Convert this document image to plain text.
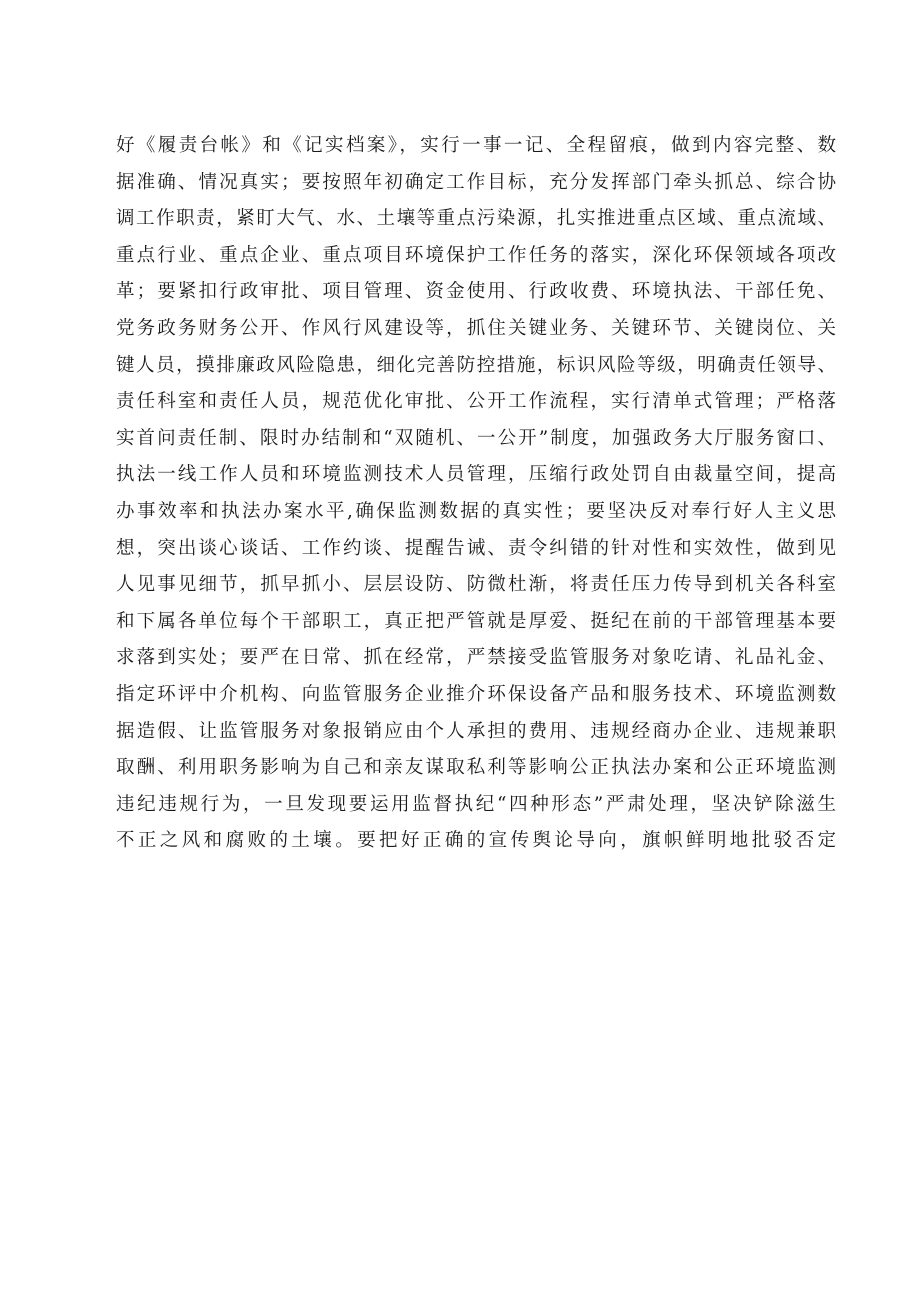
好《履责台帐》和《记实档案》，实行一事一记、全程留痕，做到内容完整、数
据准确、情况真实；要按照年初确定工作目标，充分发挥部门牵头抓总、综合协
调工作职责，紧盯大气、水、土壤等重点污染源，扎实推进重点区域、重点流域、
重点行业、重点企业、重点项目环境保护工作任务的落实，深化环保领域各项改
革；要紧扣行政审批、项目管理、资金使用、行政收费、环境执法、干部任免、
党务政务财务公开、作风行风建设等，抓住关键业务、关键环节、关键岗位、关
键人员，摸排廉政风险隐患，细化完善防控措施，标识风险等级，明确责任领导、
责任科室和责任人员，规范优化审批、公开工作流程，实行清单式管理；严格落
实首问责任制、限时办结制和“双随机、一公开”制度，加强政务大厅服务窗口、
执法一线工作人员和环境监测技术人员管理，压缩行政处罚自由裁量空间，提高
办事效率和执法办案水平,确保监测数据的真实性；要坚决反对奉行好人主义思
想，突出谈心谈话、工作约谈、提醒告诫、责令纠错的针对性和实效性，做到见
人见事见细节，抓早抓小、层层设防、防微杜渐，将责任压力传导到机关各科室
和下属各单位每个干部职工，真正把严管就是厚爱、挺纪在前的干部管理基本要
求落到实处；要严在日常、抓在经常，严禁接受监管服务对象吃请、礼品礼金、
指定环评中介机构、向监管服务企业推介环保设备产品和服务技术、环境监测数
据造假、让监管服务对象报销应由个人承担的费用、违规经商办企业、违规兼职
取酬、利用职务影响为自己和亲友谋取私利等影响公正执法办案和公正环境监测
违纪违规行为，一旦发现要运用监督执纪“四种形态”严肃处理，坚决铲除滋生
不正之风和腐败的土壤。要把好正确的宣传舆论导向，旗帜鲜明地批驳否定
